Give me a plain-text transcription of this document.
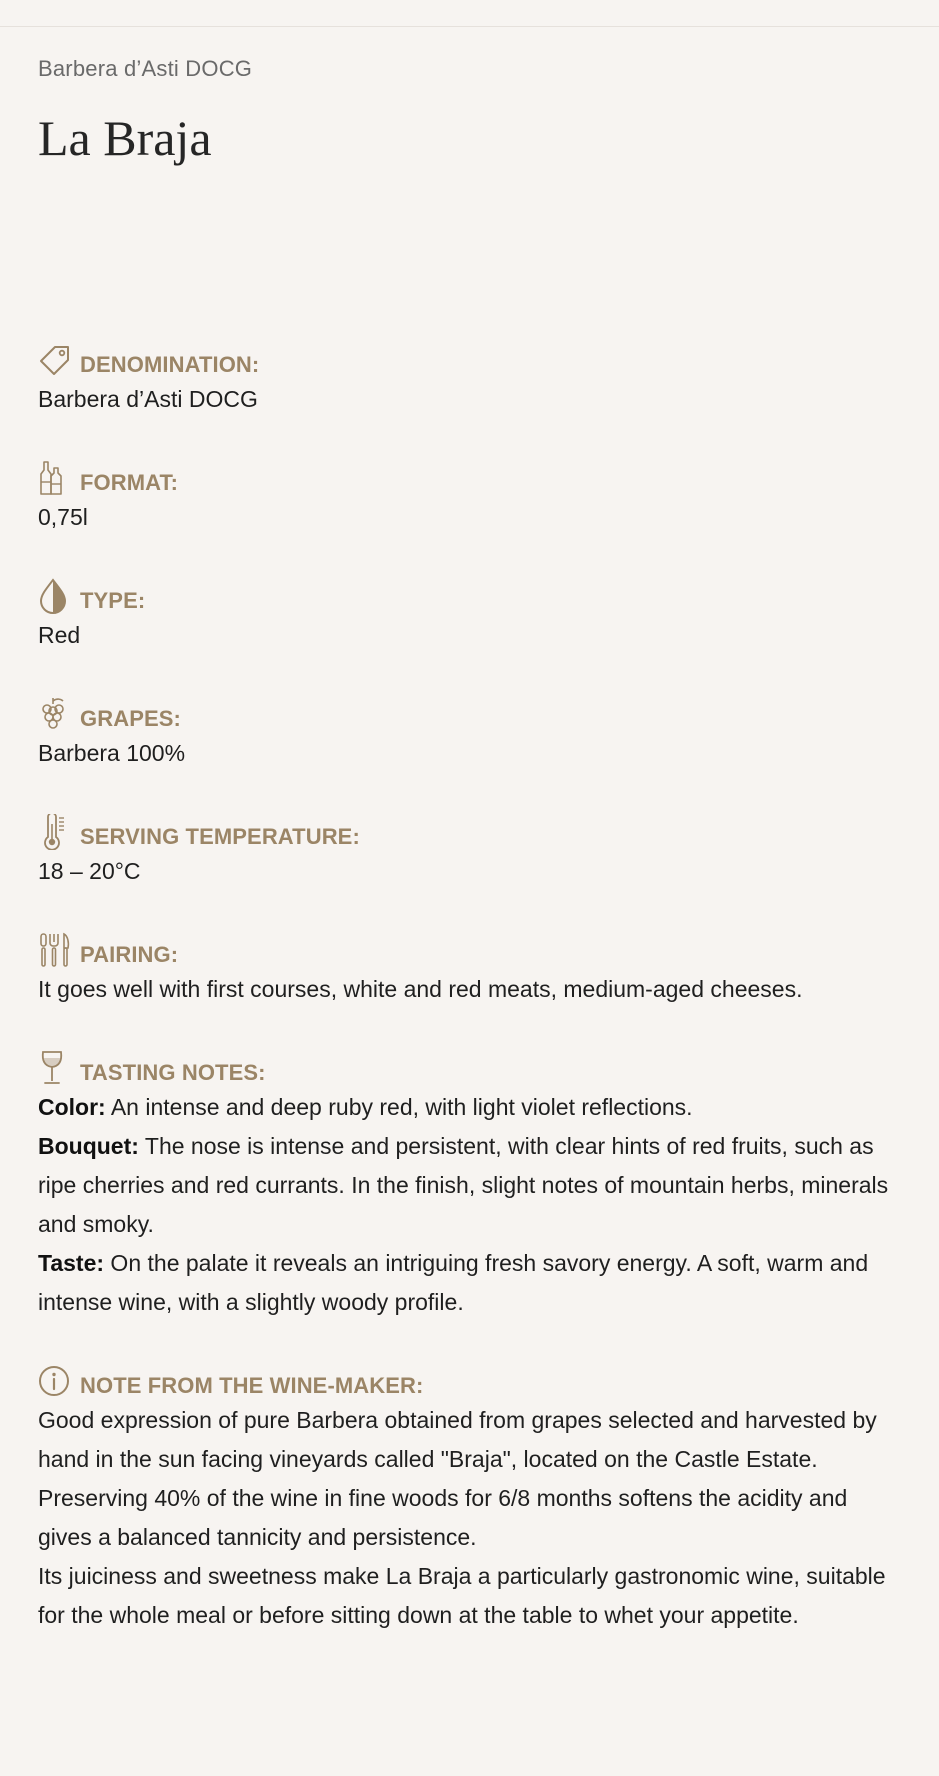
Barbera d’Asti DOCG

La Braja
DENOMINATION:

Barbera d’Asti DOCG

FORMAT:

0,75l

TYPE:

Red

GRAPES:

Barbera 100%

SERVING TEMPERATURE:

18 – 20°C

PAIRING:

It goes well with first courses, white and red meats, medium-aged cheeses.

TASTING NOTES:

Color: An intense and deep ruby red, with light violet reflections.

Bouquet: The nose is intense and persistent, with clear hints of red fruits, such as ripe cherries and red currants. In the finish, slight notes of mountain herbs, minerals and smoky.

Taste: On the palate it reveals an intriguing fresh savory energy. A soft, warm and intense wine, with a slightly woody profile.

NOTE FROM THE WINE-MAKER:

Good expression of pure Barbera obtained from grapes selected and harvested by hand in the sun facing vineyards called "Braja", located on the Castle Estate.

Preserving 40% of the wine in fine woods for 6/8 months softens the acidity and gives a balanced tannicity and persistence.

Its juiciness and sweetness make La Braja a particularly gastronomic wine, suitable for the whole meal or before sitting down at the table to whet your appetite.
